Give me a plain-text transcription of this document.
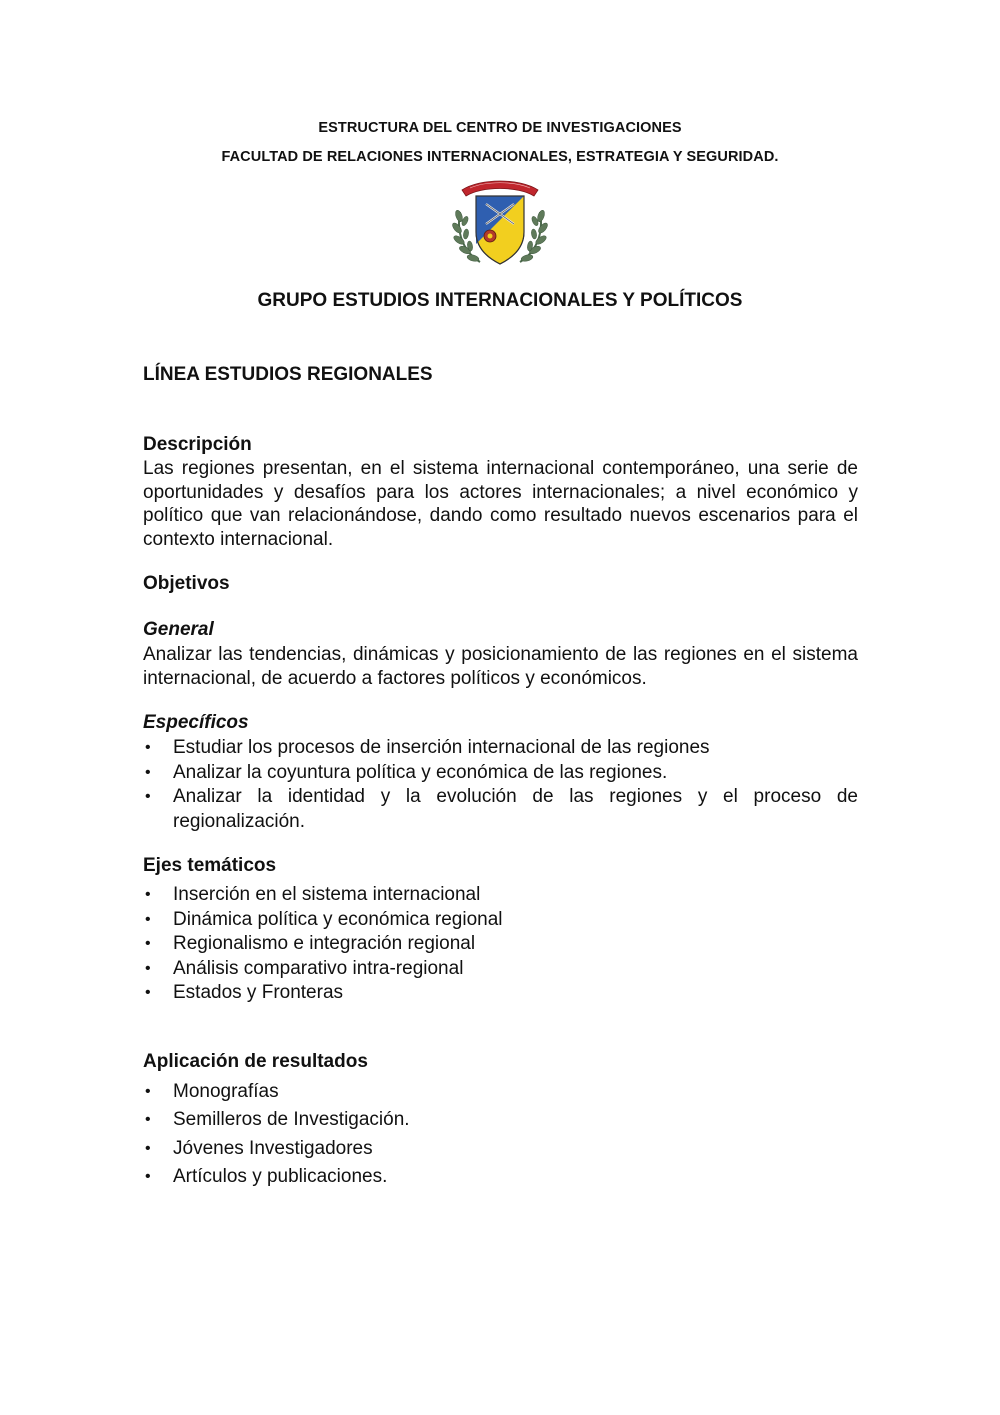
ESTRUCTURA DEL CENTRO DE INVESTIGACIONES
FACULTAD DE RELACIONES INTERNACIONALES, ESTRATEGIA Y SEGURIDAD.
GRUPO ESTUDIOS INTERNACIONALES Y POLÍTICOS
LÍNEA ESTUDIOS REGIONALES
Descripción
Las regiones presentan, en el sistema internacional contemporáneo, una serie de oportunidades y desafíos para los actores internacionales; a nivel económico y político que van relacionándose, dando como resultado nuevos escenarios para el contexto internacional.
Objetivos
General
Analizar las tendencias, dinámicas y posicionamiento de las regiones en el sistema internacional, de acuerdo a factores políticos y económicos.
Específicos
• Estudiar los procesos de inserción internacional de las regiones
• Analizar la coyuntura política y económica de las regiones.
• Analizar la identidad y la evolución de las regiones y el proceso de regionalización.
Ejes temáticos
• Inserción en el sistema internacional
• Dinámica política y económica regional
• Regionalismo e integración regional
• Análisis comparativo intra-regional
• Estados y Fronteras
Aplicación de resultados
• Monografías
• Semilleros de Investigación.
• Jóvenes Investigadores
• Artículos y publicaciones.
